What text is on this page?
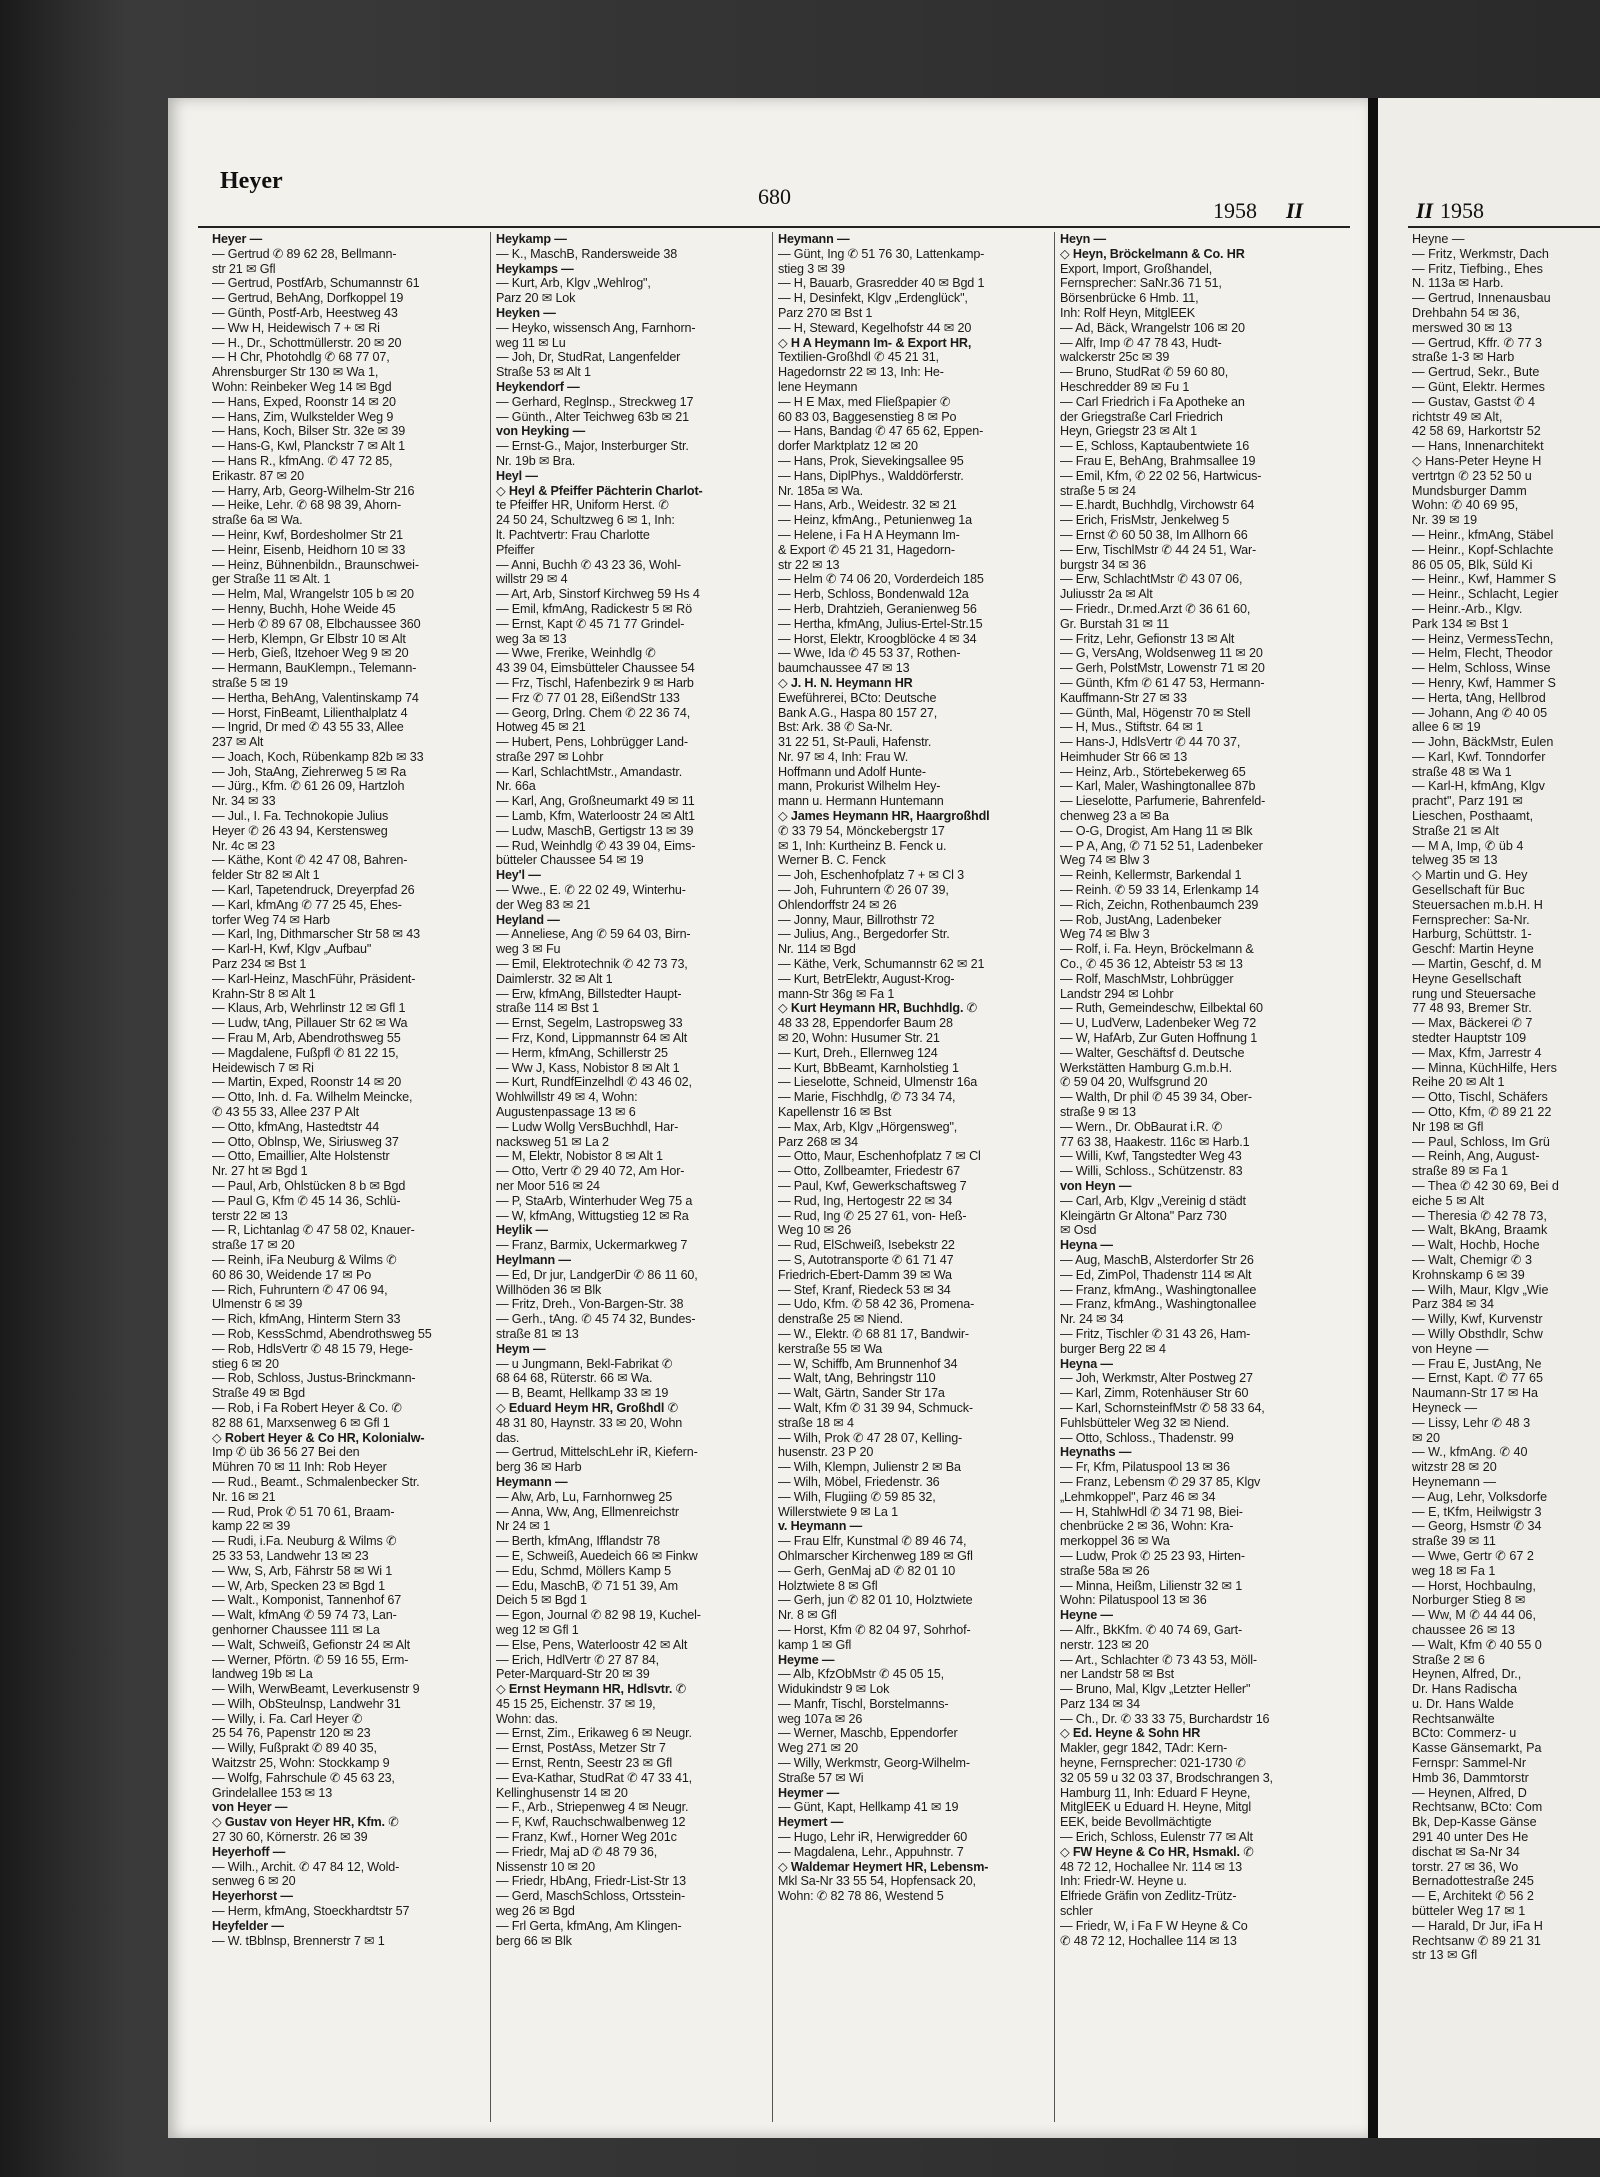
Heyer
680
1958 II
Heyer —
— Gertrud ✆ 89 62 28, Bellmann-
str 21 ✉ Gfl
— Gertrud, PostfArb, Schumannstr 61
— Gertrud, BehAng, Dorfkoppel 19
— Günth, Postf-Arb, Heestweg 43
— Ww H, Heidewisch 7 + ✉ Ri
— H., Dr., Schottmüllerstr. 20 ✉ 20
— H Chr, Photohdlg ✆ 68 77 07,
Ahrensburger Str 130 ✉ Wa 1,
Wohn: Reinbeker Weg 14 ✉ Bgd
— Hans, Exped, Roonstr 14 ✉ 20
— Hans, Zim, Wulkstelder Weg 9
— Hans, Koch, Bilser Str. 32e ✉ 39
— Hans-G, Kwl, Planckstr 7 ✉ Alt 1
— Hans R., kfmAng. ✆ 47 72 85,
Erikastr. 87 ✉ 20
— Harry, Arb, Georg-Wilhelm-Str 216
— Heike, Lehr. ✆ 68 98 39, Ahorn-
straße 6a ✉ Wa.
— Heinr, Kwf, Bordesholmer Str 21
— Heinr, Eisenb, Heidhorn 10 ✉ 33
— Heinz, Bühnenbildn., Braunschwei-
ger Straße 11 ✉ Alt. 1
— Helm, Mal, Wrangelstr 105 b ✉ 20
— Henny, Buchh, Hohe Weide 45
— Herb ✆ 89 67 08, Elbchaussee 360
— Herb, Klempn, Gr Elbstr 10 ✉ Alt
— Herb, Gieß, Itzehoer Weg 9 ✉ 20
— Hermann, BauKlempn., Telemann-
straße 5 ✉ 19
— Hertha, BehAng, Valentinskamp 74
— Horst, FinBeamt, Lilienthalplatz 4
— Ingrid, Dr med ✆ 43 55 33, Allee
237 ✉ Alt
— Joach, Koch, Rübenkamp 82b ✉ 33
— Joh, StaAng, Ziehrerweg 5 ✉ Ra
— Jürg., Kfm. ✆ 61 26 09, Hartzloh
Nr. 34 ✉ 33
— Jul., I. Fa. Technokopie Julius
Heyer ✆ 26 43 94, Kerstensweg
Nr. 4c ✉ 23
— Käthe, Kont ✆ 42 47 08, Bahren-
felder Str 82 ✉ Alt 1
— Karl, Tapetendruck, Dreyerpfad 26
— Karl, kfmAng ✆ 77 25 45, Ehes-
torfer Weg 74 ✉ Harb
— Karl, Ing, Dithmarscher Str 58 ✉ 43
— Karl-H, Kwf, Klgv „Aufbau"
Parz 234 ✉ Bst 1
— Karl-Heinz, MaschFühr, Präsident-
Krahn-Str 8 ✉ Alt 1
— Klaus, Arb, Wehrlinstr 12 ✉ Gfl 1
— Ludw, tAng, Pillauer Str 62 ✉ Wa
— Frau M, Arb, Abendrothsweg 55
— Magdalene, Fußpfl ✆ 81 22 15,
Heidewisch 7 ✉ Ri
— Martin, Exped, Roonstr 14 ✉ 20
— Otto, Inh. d. Fa. Wilhelm Meincke,
✆ 43 55 33, Allee 237 P Alt
— Otto, kfmAng, Hastedtstr 44
— Otto, Oblnsp, We, Siriusweg 37
— Otto, Emaillier, Alte Holstenstr
Nr. 27 ht ✉ Bgd 1
— Paul, Arb, Ohlstücken 8 b ✉ Bgd
— Paul G, Kfm ✆ 45 14 36, Schlü-
terstr 22 ✉ 13
— R, Lichtanlag ✆ 47 58 02, Knauer-
straße 17 ✉ 20
— Reinh, iFa Neuburg & Wilms ✆
60 86 30, Weidende 17 ✉ Po
— Rich, Fuhruntern ✆ 47 06 94,
Ulmenstr 6 ✉ 39
— Rich, kfmAng, Hinterm Stern 33
— Rob, KessSchmd, Abendrothsweg 55
— Rob, HdlsVertr ✆ 48 15 79, Hege-
stieg 6 ✉ 20
— Rob, Schloss, Justus-Brinckmann-
Straße 49 ✉ Bgd
— Rob, i Fa Robert Heyer & Co. ✆
82 88 61, Marxsenweg 6 ✉ Gfl 1
◇ Robert Heyer & Co HR, Kolonialw-
Imp ✆ üb 36 56 27 Bei den
Mühren 70 ✉ 11 Inh: Rob Heyer
— Rud., Beamt., Schmalenbecker Str.
Nr. 16 ✉ 21
— Rud, Prok ✆ 51 70 61, Braam-
kamp 22 ✉ 39
— Rudi, i.Fa. Neuburg & Wilms ✆
25 33 53, Landwehr 13 ✉ 23
— Ww, S, Arb, Fährstr 58 ✉ Wi 1
— W, Arb, Specken 23 ✉ Bgd 1
— Walt., Komponist, Tannenhof 67
— Walt, kfmAng ✆ 59 74 73, Lan-
genhorner Chaussee 111 ✉ La
— Walt, Schweiß, Gefionstr 24 ✉ Alt
— Werner, Pförtn. ✆ 59 16 55, Erm-
landweg 19b ✉ La
— Wilh, WerwBeamt, Leverkusenstr 9
— Wilh, ObSteulnsp, Landwehr 31
— Willy, i. Fa. Carl Heyer ✆
25 54 76, Papenstr 120 ✉ 23
— Willy, Fußprakt ✆ 89 40 35,
Waitzstr 25, Wohn: Stockkamp 9
— Wolfg, Fahrschule ✆ 45 63 23,
Grindelallee 153 ✉ 13
von Heyer —
◇ Gustav von Heyer HR, Kfm. ✆
27 30 60, Körnerstr. 26 ✉ 39
Heyerhoff —
— Wilh., Archit. ✆ 47 84 12, Wold-
senweg 6 ✉ 20
Heyerhorst —
— Herm, kfmAng, Stoeckhardtstr 57
Heyfelder —
— W. tBblnsp, Brennerstr 7 ✉ 1
Heykamp —
— K., MaschB, Randersweide 38
Heykamps —
— Kurt, Arb, Klgv „Wehlrog",
Parz 20 ✉ Lok
Heyken —
— Heyko, wissensch Ang, Farnhorn-
weg 11 ✉ Lu
— Joh, Dr, StudRat, Langenfelder
Straße 53 ✉ Alt 1
Heykendorf —
— Gerhard, Reglnsp., Streckweg 17
— Günth., Alter Teichweg 63b ✉ 21
von Heyking —
— Ernst-G., Major, Insterburger Str.
Nr. 19b ✉ Bra.
Heyl —
◇ Heyl & Pfeiffer Pächterin Charlot-
te Pfeiffer HR, Uniform Herst. ✆
24 50 24, Schultzweg 6 ✉ 1, Inh:
lt. Pachtvertr: Frau Charlotte
Pfeiffer
— Anni, Buchh ✆ 43 23 36, Wohl-
willstr 29 ✉ 4
— Art, Arb, Sinstorf Kirchweg 59 Hs 4
— Emil, kfmAng, Radickestr 5 ✉ Rö
— Ernst, Kapt ✆ 45 71 77 Grindel-
weg 3a ✉ 13
— Wwe, Frerike, Weinhdlg ✆
43 39 04, Eimsbütteler Chaussee 54
— Frz, Tischl, Hafenbezirk 9 ✉ Harb
— Frz ✆ 77 01 28, EißendStr 133
— Georg, Drlng. Chem ✆ 22 36 74,
Hotweg 45 ✉ 21
— Hubert, Pens, Lohbrügger Land-
straße 297 ✉ Lohbr
— Karl, SchlachtMstr., Amandastr.
Nr. 66a
— Karl, Ang, Großneumarkt 49 ✉ 11
— Lamb, Kfm, Waterloostr 24 ✉ Alt1
— Ludw, MaschB, Gertigstr 13 ✉ 39
— Rud, Weinhdlg ✆ 43 39 04, Eims-
bütteler Chaussee 54 ✉ 19
Hey'l —
— Wwe., E. ✆ 22 02 49, Winterhu-
der Weg 83 ✉ 21
Heyland —
— Anneliese, Ang ✆ 59 64 03, Birn-
weg 3 ✉ Fu
— Emil, Elektrotechnik ✆ 42 73 73,
Daimlerstr. 32 ✉ Alt 1
— Erw, kfmAng, Billstedter Haupt-
straße 114 ✉ Bst 1
— Ernst, Segelm, Lastropsweg 33
— Frz, Kond, Lippmannstr 64 ✉ Alt
— Herm, kfmAng, Schillerstr 25
— Ww J, Kass, Nobistor 8 ✉ Alt 1
— Kurt, RundfEinzelhdl ✆ 43 46 02,
Wohlwillstr 49 ✉ 4, Wohn:
Augustenpassage 13 ✉ 6
— Ludw Wollg VersBuchhdl, Har-
nacksweg 51 ✉ La 2
— M, Elektr, Nobistor 8 ✉ Alt 1
— Otto, Vertr ✆ 29 40 72, Am Hor-
ner Moor 516 ✉ 24
— P, StaArb, Winterhuder Weg 75 a
— W, kfmAng, Wittugstieg 12 ✉ Ra
Heylik —
— Franz, Barmix, Uckermarkweg 7
Heylmann —
— Ed, Dr jur, LandgerDir ✆ 86 11 60,
Willhöden 36 ✉ Blk
— Fritz, Dreh., Von-Bargen-Str. 38
— Gerh., tAng. ✆ 45 74 32, Bundes-
straße 81 ✉ 13
Heym —
— u Jungmann, Bekl-Fabrikat ✆
68 64 68, Rüterstr. 66 ✉ Wa.
— B, Beamt, Hellkamp 33 ✉ 19
◇ Eduard Heym HR, Großhdl ✆
48 31 80, Haynstr. 33 ✉ 20, Wohn
das.
— Gertrud, MittelschLehr iR, Kiefern-
berg 36 ✉ Harb
Heymann —
— Alw, Arb, Lu, Farnhornweg 25
— Anna, Ww, Ang, Ellmenreichstr
Nr 24 ✉ 1
— Berth, kfmAng, Ifflandstr 78
— E, Schweiß, Auedeich 66 ✉ Finkw
— Edu, Schmd, Möllers Kamp 5
— Edu, MaschB, ✆ 71 51 39, Am
Deich 5 ✉ Bgd 1
— Egon, Journal ✆ 82 98 19, Kuchel-
weg 12 ✉ Gfl 1
— Else, Pens, Waterloostr 42 ✉ Alt
— Erich, HdlVertr ✆ 27 87 84,
Peter-Marquard-Str 20 ✉ 39
◇ Ernst Heymann HR, Hdlsvtr. ✆
45 15 25, Eichenstr. 37 ✉ 19,
Wohn: das.
— Ernst, Zim., Erikaweg 6 ✉ Neugr.
— Ernst, PostAss, Metzer Str 7
— Ernst, Rentn, Seestr 23 ✉ Gfl
— Eva-Kathar, StudRat ✆ 47 33 41,
Kellinghusenstr 14 ✉ 20
— F., Arb., Striepenweg 4 ✉ Neugr.
— F, Kwf, Rauchschwalbenweg 12
— Franz, Kwf., Horner Weg 201c
— Friedr, Maj aD ✆ 48 79 36,
Nissenstr 10 ✉ 20
— Friedr, HbAng, Friedr-List-Str 13
— Gerd, MaschSchloss, Ortsstein-
weg 26 ✉ Bgd
— Frl Gerta, kfmAng, Am Klingen-
berg 66 ✉ Blk
Heymann —
— Günt, Ing ✆ 51 76 30, Lattenkamp-
stieg 3 ✉ 39
— H, Bauarb, Grasredder 40 ✉ Bgd 1
— H, Desinfekt, Klgv „Erdenglück",
Parz 270 ✉ Bst 1
— H, Steward, Kegelhofstr 44 ✉ 20
◇ H A Heymann Im- & Export HR,
Textilien-Großhdl ✆ 45 21 31,
Hagedornstr 22 ✉ 13, Inh: He-
lene Heymann
— H E Max, med Fließpapier ✆
60 83 03, Baggesenstieg 8 ✉ Po
— Hans, Bandag ✆ 47 65 62, Eppen-
dorfer Marktplatz 12 ✉ 20
— Hans, Prok, Sievekingsallee 95
— Hans, DiplPhys., Walddörferstr.
Nr. 185a ✉ Wa.
— Hans, Arb., Weidestr. 32 ✉ 21
— Heinz, kfmAng., Petunienweg 1a
— Helene, i Fa H A Heymann Im-
& Export ✆ 45 21 31, Hagedorn-
str 22 ✉ 13
— Helm ✆ 74 06 20, Vorderdeich 185
— Herb, Schloss, Bondenwald 12a
— Herb, Drahtzieh, Geranienweg 56
— Hertha, kfmAng, Julius-Ertel-Str.15
— Horst, Elektr, Kroogblöcke 4 ✉ 34
— Wwe, Ida ✆ 45 53 37, Rothen-
baumchaussee 47 ✉ 13
◇ J. H. N. Heymann HR
Eweführerei, BCto: Deutsche
Bank A.G., Haspa 80 157 27,
Bst: Ark. 38 ✆ Sa-Nr.
31 22 51, St-Pauli, Hafenstr.
Nr. 97 ✉ 4, Inh: Frau W.
Hoffmann und Adolf Hunte-
mann, Prokurist Wilhelm Hey-
mann u. Hermann Huntemann
◇ James Heymann HR, Haargroßhdl
✆ 33 79 54, Mönckebergstr 17
✉ 1, Inh: Kurtheinz B. Fenck u.
Werner B. C. Fenck
— Joh, Eschenhofplatz 7 + ✉ Cl 3
— Joh, Fuhruntern ✆ 26 07 39,
Ohlendorffstr 24 ✉ 26
— Jonny, Maur, Billrothstr 72
— Julius, Ang., Bergedorfer Str.
Nr. 114 ✉ Bgd
— Käthe, Verk, Schumannstr 62 ✉ 21
— Kurt, BetrElektr, August-Krog-
mann-Str 36g ✉ Fa 1
◇ Kurt Heymann HR, Buchhdlg. ✆
48 33 28, Eppendorfer Baum 28
✉ 20, Wohn: Husumer Str. 21
— Kurt, Dreh., Ellernweg 124
— Kurt, BbBeamt, Karnholstieg 1
— Lieselotte, Schneid, Ulmenstr 16a
— Marie, Fischhdlg, ✆ 73 34 74,
Kapellenstr 16 ✉ Bst
— Max, Arb, Klgv „Hörgensweg",
Parz 268 ✉ 34
— Otto, Maur, Eschenhofplatz 7 ✉ Cl
— Otto, Zollbeamter, Friedestr 67
— Paul, Kwf, Gewerkschaftsweg 7
— Rud, Ing, Hertogestr 22 ✉ 34
— Rud, Ing ✆ 25 27 61, von- Heß-
Weg 10 ✉ 26
— Rud, ElSchweiß, Isebekstr 22
— S, Autotransporte ✆ 61 71 47
Friedrich-Ebert-Damm 39 ✉ Wa
— Stef, Kranf, Riedeck 53 ✉ 34
— Udo, Kfm. ✆ 58 42 36, Promena-
denstraße 25 ✉ Niend.
— W., Elektr. ✆ 68 81 17, Bandwir-
kerstraße 55 ✉ Wa
— W, Schiffb, Am Brunnenhof 34
— Walt, tAng, Behringstr 110
— Walt, Gärtn, Sander Str 17a
— Walt, Kfm ✆ 31 39 94, Schmuck-
straße 18 ✉ 4
— Wilh, Prok ✆ 47 28 07, Kelling-
husenstr. 23 P 20
— Wilh, Klempn, Julienstr 2 ✉ Ba
— Wilh, Möbel, Friedenstr. 36
— Wilh, Flugiing ✆ 59 85 32,
Willerstwiete 9 ✉ La 1
v. Heymann —
— Frau Elfr, Kunstmal ✆ 89 46 74,
Ohlmarscher Kirchenweg 189 ✉ Gfl
— Gerh, GenMaj aD ✆ 82 01 10
Holztwiete 8 ✉ Gfl
— Gerh, jun ✆ 82 01 10, Holztwiete
Nr. 8 ✉ Gfl
— Horst, Kfm ✆ 82 04 97, Sohrhof-
kamp 1 ✉ Gfl
Heyme —
— Alb, KfzObMstr ✆ 45 05 15,
Widukindstr 9 ✉ Lok
— Manfr, Tischl, Borstelmanns-
weg 107a ✉ 26
— Werner, Maschb, Eppendorfer
Weg 271 ✉ 20
— Willy, Werkmstr, Georg-Wilhelm-
Straße 57 ✉ Wi
Heymer —
— Günt, Kapt, Hellkamp 41 ✉ 19
Heymert —
— Hugo, Lehr iR, Herwigredder 60
— Magdalena, Lehr., Appuhnstr. 7
◇ Waldemar Heymert HR, Lebensm-
Mkl Sa-Nr 33 55 54, Hopfensack 20,
Wohn: ✆ 82 78 86, Westend 5
Heyn —
◇ Heyn, Bröckelmann & Co. HR
Export, Import, Großhandel,
Fernsprecher: SaNr.36 71 51,
Börsenbrücke 6 Hmb. 11,
Inh: Rolf Heyn, MitglEEK
— Ad, Bäck, Wrangelstr 106 ✉ 20
— Alfr, Imp ✆ 47 78 43, Hudt-
walckerstr 25c ✉ 39
— Bruno, StudRat ✆ 59 60 80,
Heschredder 89 ✉ Fu 1
— Carl Friedrich i Fa Apotheke an
der Griegstraße Carl Friedrich
Heyn, Griegstr 23 ✉ Alt 1
— E, Schloss, Kaptaubentwiete 16
— Frau E, BehAng, Brahmsallee 19
— Emil, Kfm, ✆ 22 02 56, Hartwicus-
straße 5 ✉ 24
— E.hardt, Buchhdlg, Virchowstr 64
— Erich, FrisMstr, Jenkelweg 5
— Ernst ✆ 60 50 38, Im Allhorn 66
— Erw, TischlMstr ✆ 44 24 51, War-
burgstr 34 ✉ 36
— Erw, SchlachtMstr ✆ 43 07 06,
Juliusstr 2a ✉ Alt
— Friedr., Dr.med.Arzt ✆ 36 61 60,
Gr. Burstah 31 ✉ 11
— Fritz, Lehr, Gefionstr 13 ✉ Alt
— G, VersAng, Woldsenweg 11 ✉ 20
— Gerh, PolstMstr, Lowenstr 71 ✉ 20
— Günth, Kfm ✆ 61 47 53, Hermann-
Kauffmann-Str 27 ✉ 33
— Günth, Mal, Högenstr 70 ✉ Stell
— H, Mus., Stiftstr. 64 ✉ 1
— Hans-J, HdlsVertr ✆ 44 70 37,
Heimhuder Str 66 ✉ 13
— Heinz, Arb., Störtebekerweg 65
— Karl, Maler, Washingtonallee 87b
— Lieselotte, Parfumerie, Bahrenfeld-
chenweg 23 a ✉ Ba
— O-G, Drogist, Am Hang 11 ✉ Blk
— P A, Ang, ✆ 71 52 51, Ladenbeker
Weg 74 ✉ Blw 3
— Reinh, Kellermstr, Barkendal 1
— Reinh. ✆ 59 33 14, Erlenkamp 14
— Rich, Zeichn, Rothenbaumch 239
— Rob, JustAng, Ladenbeker
Weg 74 ✉ Blw 3
— Rolf, i. Fa. Heyn, Bröckelmann &
Co., ✆ 45 36 12, Abteistr 53 ✉ 13
— Rolf, MaschMstr, Lohbrügger
Landstr 294 ✉ Lohbr
— Ruth, Gemeindeschw, Eilbektal 60
— U, LudVerw, Ladenbeker Weg 72
— W, HafArb, Zur Guten Hoffnung 1
— Walter, Geschäftsf d. Deutsche
Werkstätten Hamburg G.m.b.H.
✆ 59 04 20, Wulfsgrund 20
— Walth, Dr phil ✆ 45 39 34, Ober-
straße 9 ✉ 13
— Wern., Dr. ObBaurat i.R. ✆
77 63 38, Haakestr. 116c ✉ Harb.1
— Willi, Kwf, Tangstedter Weg 43
— Willi, Schloss., Schützenstr. 83
von Heyn —
— Carl, Arb, Klgv „Vereinig d städt
Kleingärtn Gr Altona" Parz 730
✉ Osd
Heyna —
— Aug, MaschB, Alsterdorfer Str 26
— Ed, ZimPol, Thadenstr 114 ✉ Alt
— Franz, kfmAng., Washingtonallee
— Franz, kfmAng., Washingtonallee
Nr. 24 ✉ 34
— Fritz, Tischler ✆ 31 43 26, Ham-
burger Berg 22 ✉ 4
Heyna —
— Joh, Werkmstr, Alter Postweg 27
— Karl, Zimm, Rotenhäuser Str 60
— Karl, SchornsteinfMstr ✆ 58 33 64,
Fuhlsbütteler Weg 32 ✉ Niend.
— Otto, Schloss., Thadenstr. 99
Heynaths —
— Fr, Kfm, Pilatuspool 13 ✉ 36
— Franz, Lebensm ✆ 29 37 85, Klgv
„Lehmkoppel", Parz 46 ✉ 34
— H, StahlwHdl ✆ 34 71 98, Biei-
chenbrücke 2 ✉ 36, Wohn: Kra-
merkoppel 36 ✉ Wa
— Ludw, Prok ✆ 25 23 93, Hirten-
straße 58a ✉ 26
— Minna, Heißm, Lilienstr 32 ✉ 1
Wohn: Pilatuspool 13 ✉ 36
Heyne —
— Alfr., BkKfm. ✆ 40 74 69, Gart-
nerstr. 123 ✉ 20
— Art., Schlachter ✆ 73 43 53, Möll-
ner Landstr 58 ✉ Bst
— Bruno, Mal, Klgv „Letzter Heller"
Parz 134 ✉ 34
— Ch., Dr. ✆ 33 33 75, Burchardstr 16
◇ Ed. Heyne & Sohn HR
Makler, gegr 1842, TAdr: Kern-
heyne, Fernsprecher: 021-1730 ✆
32 05 59 u 32 03 37, Brodschrangen 3,
Hamburg 11, Inh: Eduard F Heyne,
MitglEEK u Eduard H. Heyne, Mitgl
EEK, beide Bevollmächtigte
— Erich, Schloss, Eulenstr 77 ✉ Alt
◇ FW Heyne & Co HR, Hsmakl. ✆
48 72 12, Hochallee Nr. 114 ✉ 13
Inh: Friedr-W. Heyne u.
Elfriede Gräfin von Zedlitz-Trütz-
schler
— Friedr, W, i Fa F W Heyne & Co
✆ 48 72 12, Hochallee 114 ✉ 13
II 1958
Heyne —
— Fritz, Werkmstr, Dach
— Fritz, Tiefbing., Ehes
N. 113a ✉ Harb.
— Gertrud, Innenausbau
Drehbahn 54 ✉ 36,
merswed 30 ✉ 13
— Gertrud, Kffr. ✆ 77 3
straße 1-3 ✉ Harb
— Gertrud, Sekr., Bute
— Günt, Elektr. Hermes
— Gustav, Gastst ✆ 4
richtstr 49 ✉ Alt,
42 58 69, Harkortstr 52
— Hans, Innenarchitekt
◇ Hans-Peter Heyne H
vertrtgn ✆ 23 52 50 u
Mundsburger Damm
Wohn: ✆ 40 69 95,
Nr. 39 ✉ 19
— Heinr., kfmAng, Stäbel
— Heinr., Kopf-Schlachte
86 05 05, Blk, Süld Ki
— Heinr., Kwf, Hammer S
— Heinr., Schlacht, Legier
— Heinr.-Arb., Klgv.
Park 134 ✉ Bst 1
— Heinz, VermessTechn,
— Helm, Flecht, Theodor
— Helm, Schloss, Winse
— Henry, Kwf, Hammer S
— Herta, tAng, Hellbrod
— Johann, Ang ✆ 40 05
allee 6 ✉ 19
— John, BäckMstr, Eulen
— Karl, Kwf. Tonndorfer
straße 48 ✉ Wa 1
— Karl-H, kfmAng, Klgv
pracht", Parz 191 ✉
Lieschen, Posthaamt,
Straße 21 ✉ Alt
— M A, Imp, ✆ üb 4
telweg 35 ✉ 13
◇ Martin und G. Hey
Gesellschaft für Buc
Steuersachen m.b.H. H
Fernsprecher: Sa-Nr.
Harburg, Schüttstr. 1-
Geschf: Martin Heyne
— Martin, Geschf, d. M
Heyne Gesellschaft
rung und Steuersache
77 48 93, Bremer Str.
— Max, Bäckerei ✆ 7
stedter Hauptstr 109
— Max, Kfm, Jarrestr 4
— Minna, KüchHilfe, Hers
Reihe 20 ✉ Alt 1
— Otto, Tischl, Schäfers
— Otto, Kfm, ✆ 89 21 22
Nr 198 ✉ Gfl
— Paul, Schloss, Im Grü
— Reinh, Ang, August-
straße 89 ✉ Fa 1
— Thea ✆ 42 30 69, Bei d
eiche 5 ✉ Alt
— Theresia ✆ 42 78 73,
— Walt, BkAng, Braamk
— Walt, Hochb, Hoche
— Walt, Chemigr ✆ 3
Krohnskamp 6 ✉ 39
— Wilh, Maur, Klgv „Wie
Parz 384 ✉ 34
— Willy, Kwf, Kurvenstr
— Willy Obsthdlr, Schw
von Heyne —
— Frau E, JustAng, Ne
— Ernst, Kapt. ✆ 77 65
Naumann-Str 17 ✉ Ha
Heyneck —
— Lissy, Lehr ✆ 48 3
✉ 20
— W., kfmAng. ✆ 40
witzstr 28 ✉ 20
Heynemann —
— Aug, Lehr, Volksdorfe
— E, tKfm, Heilwigstr 3
— Georg, Hsmstr ✆ 34
straße 39 ✉ 11
— Wwe, Gertr ✆ 67 2
weg 18 ✉ Fa 1
— Horst, Hochbaulng,
Norburger Stieg 8 ✉
— Ww, M ✆ 44 44 06,
chaussee 26 ✉ 13
— Walt, Kfm ✆ 40 55 0
Straße 2 ✉ 6
Heynen, Alfred, Dr.,
Dr. Hans Radischa
u. Dr. Hans Walde
Rechtsanwälte
BCto: Commerz- u
Kasse Gänsemarkt, Pa
Fernspr: Sammel-Nr
Hmb 36, Dammtorstr
— Heynen, Alfred, D
Rechtsanw, BCto: Com
Bk, Dep-Kasse Gänse
291 40 unter Des He
dischat ✉ Sa-Nr 34
torstr. 27 ✉ 36, Wo
Bernadottestraße 245
— E, Architekt ✆ 56 2
bütteler Weg 17 ✉ 1
— Harald, Dr Jur, iFa H
Rechtsanw ✆ 89 21 31
str 13 ✉ Gfl
